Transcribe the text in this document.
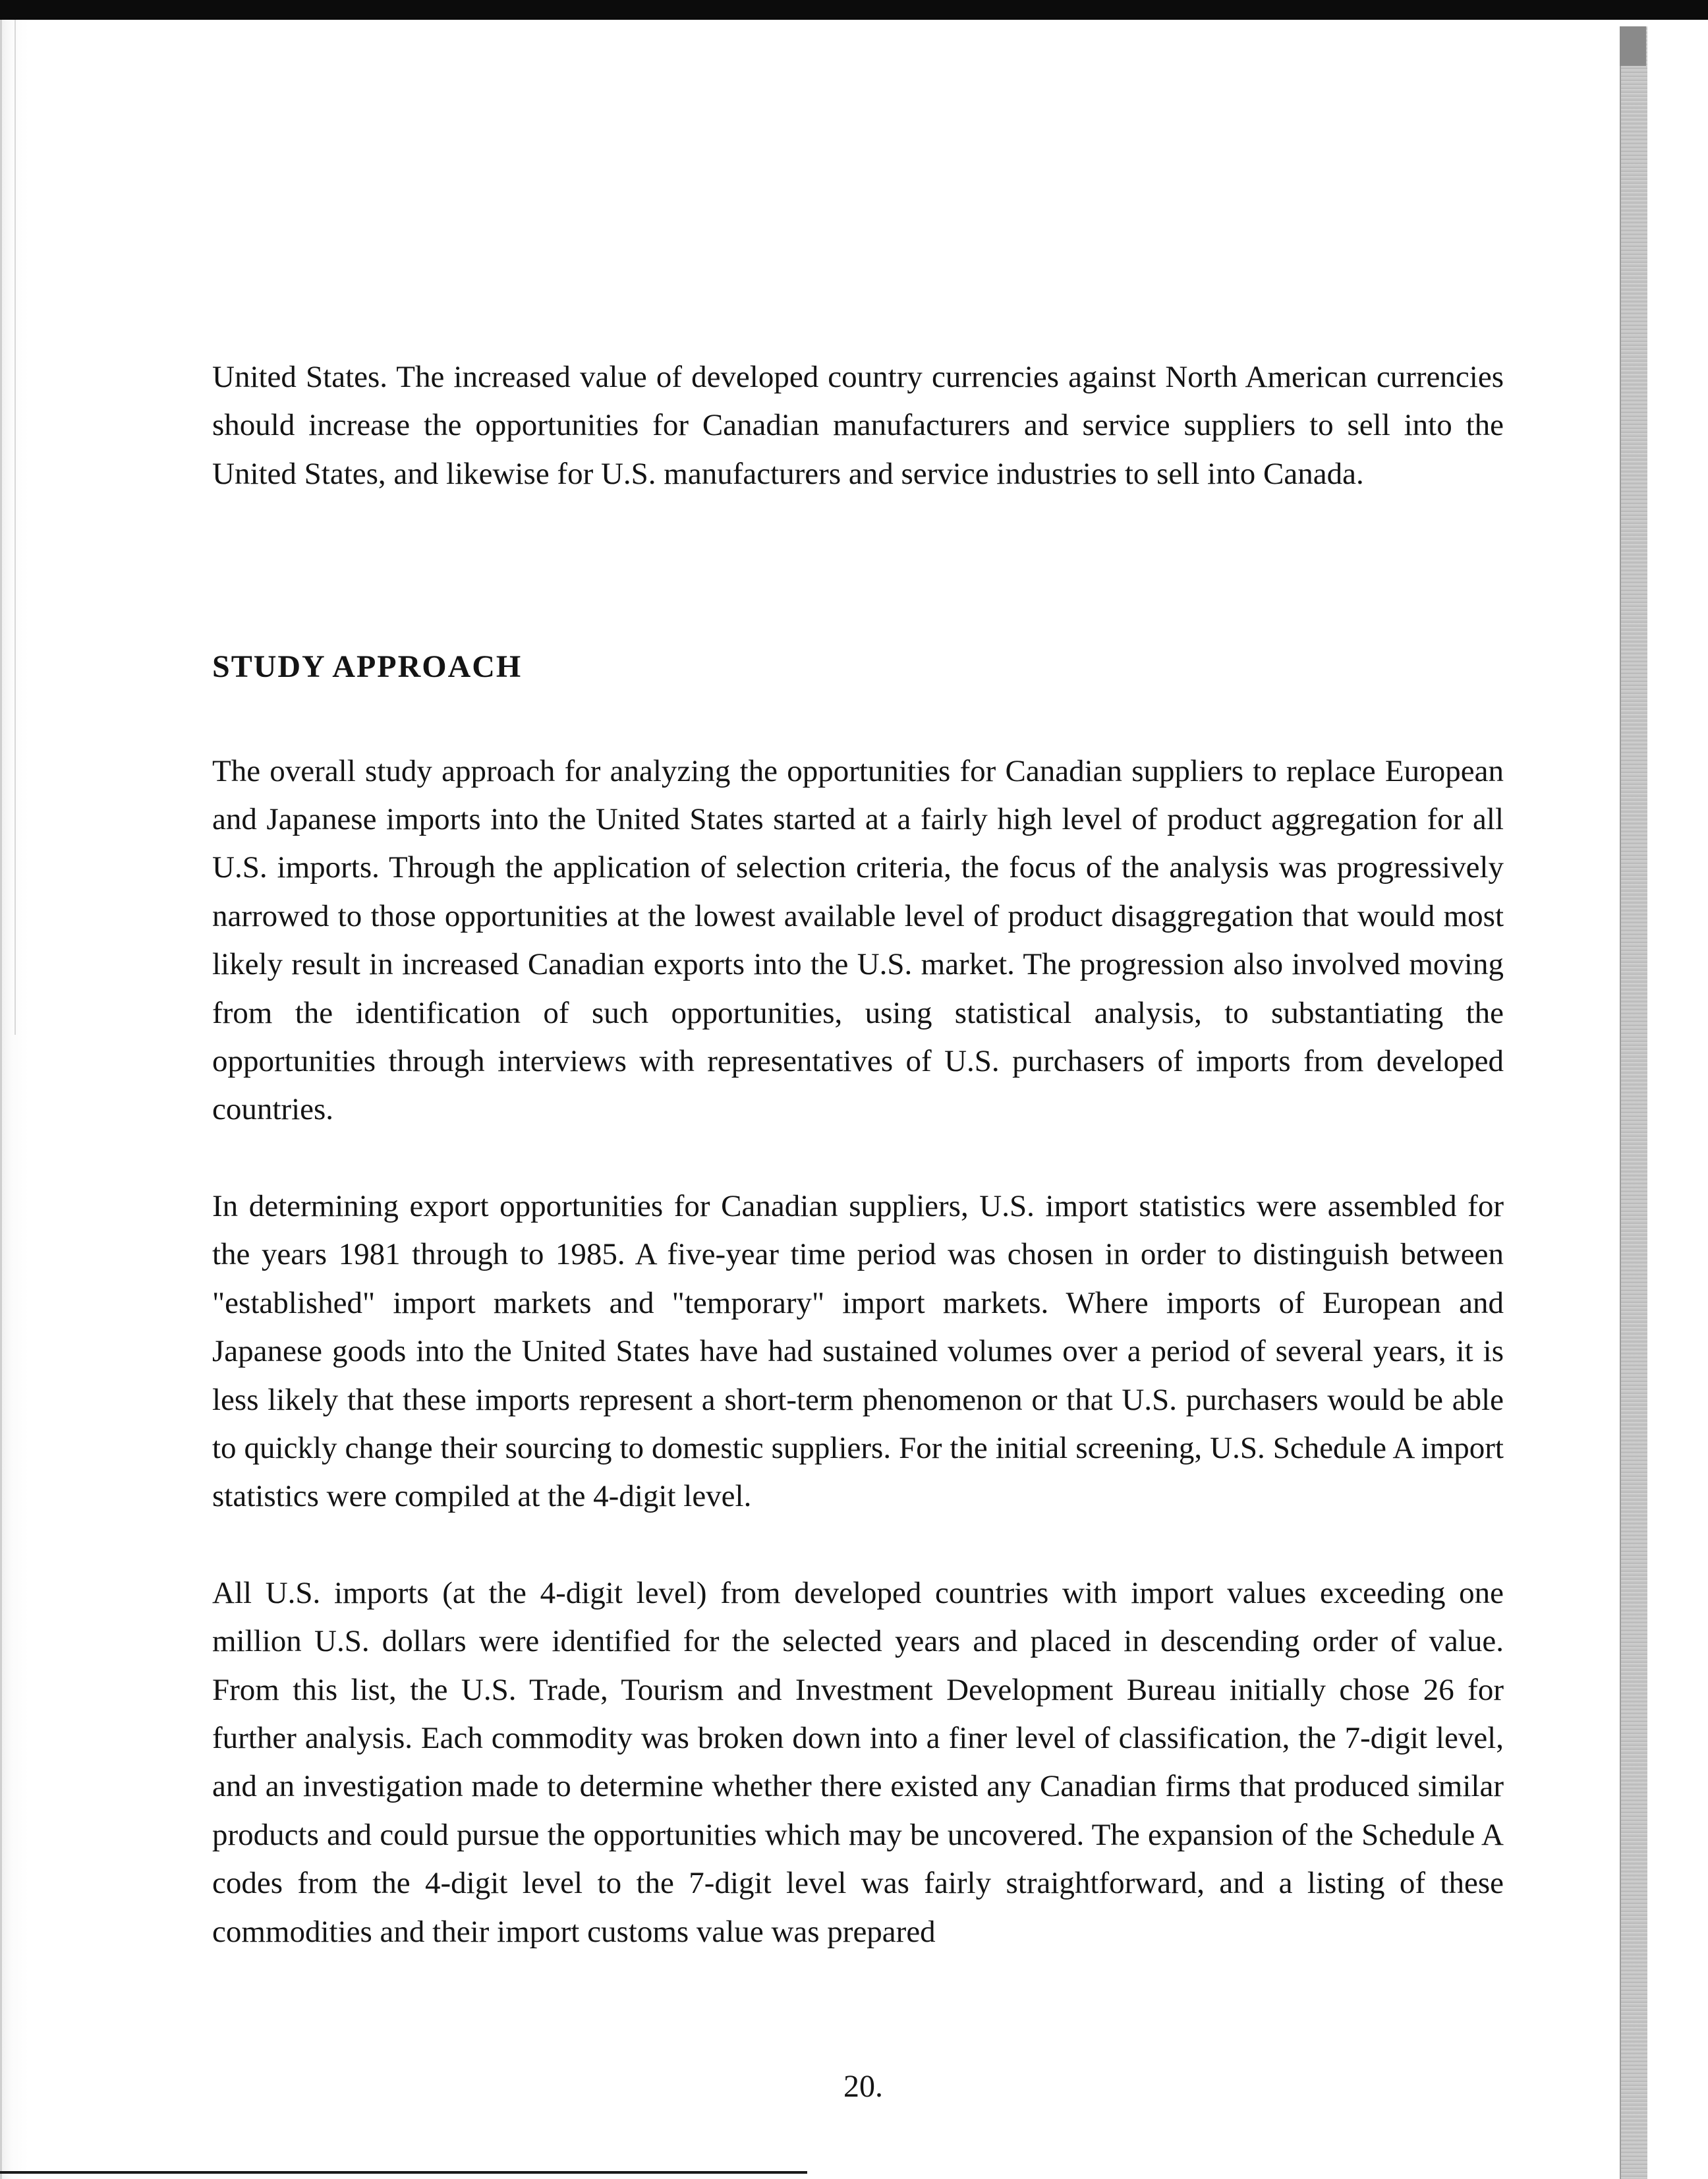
United States. The increased value of developed country currencies against North American currencies should increase the opportunities for Canadian manufacturers and service suppliers to sell into the United States, and likewise for U.S. manufacturers and service industries to sell into Canada.

STUDY APPROACH

The overall study approach for analyzing the opportunities for Canadian suppliers to replace European and Japanese imports into the United States started at a fairly high level of product aggregation for all U.S. imports. Through the application of selection criteria, the focus of the analysis was progressively narrowed to those opportunities at the lowest available level of product disaggregation that would most likely result in increased Canadian exports into the U.S. market. The progression also involved moving from the identification of such opportunities, using statistical analysis, to substantiating the opportunities through interviews with representatives of U.S. purchasers of imports from developed countries.

In determining export opportunities for Canadian suppliers, U.S. import statistics were assembled for the years 1981 through to 1985. A five-year time period was chosen in order to distinguish between "established" import markets and "temporary" import markets. Where imports of European and Japanese goods into the United States have had sustained volumes over a period of several years, it is less likely that these imports represent a short-term phenomenon or that U.S. purchasers would be able to quickly change their sourcing to domestic suppliers. For the initial screening, U.S. Schedule A import statistics were compiled at the 4-digit level.

All U.S. imports (at the 4-digit level) from developed countries with import values exceeding one million U.S. dollars were identified for the selected years and placed in descending order of value. From this list, the U.S. Trade, Tourism and Investment Development Bureau initially chose 26 for further analysis. Each commodity was broken down into a finer level of classification, the 7-digit level, and an investigation made to determine whether there existed any Canadian firms that produced similar products and could pursue the opportunities which may be uncovered. The expansion of the Schedule A codes from the 4-digit level to the 7-digit level was fairly straightforward, and a listing of these commodities and their import customs value was prepared

20.
